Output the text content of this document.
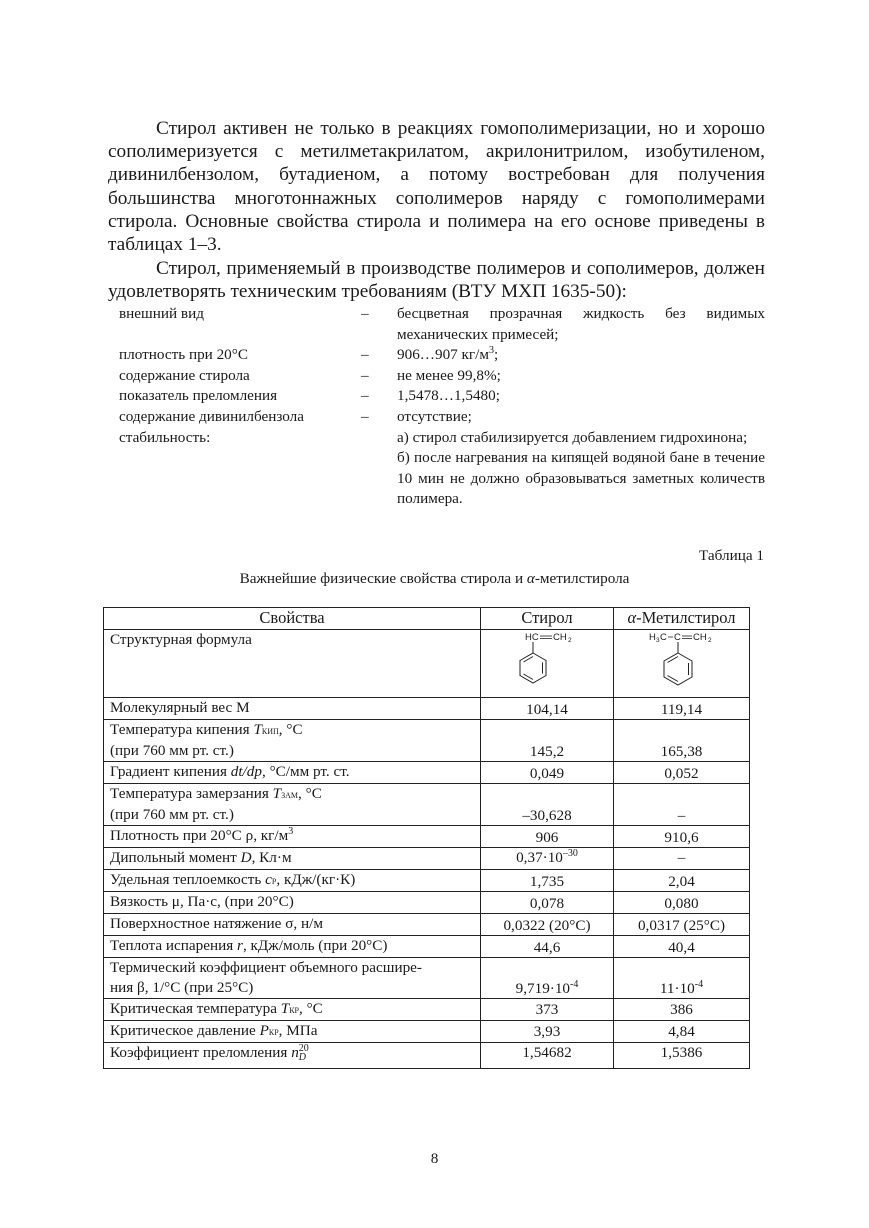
Стирол активен не только в реакциях гомополимеризации, но и хорошо сополимеризуется с метилметакрилатом, акрилонитрилом, изобутиленом, дивинилбензолом, бутадиеном, а потому востребован для получения большинства многотоннажных сополимеров наряду с гомополимерами стирола. Основные свойства стирола и полимера на его основе приведены в таблицах 1–3.

Стирол, применяемый в производстве полимеров и сополимеров, должен удовлетворять техническим требованиям (ВТУ МХП 1635-50):

внешний вид	–	бесцветная прозрачная жидкость без видимых механических примесей;
плотность при 20°С	–	906…907 $кг/м^3$;
содержание стирола	–	не менее 99,8%;
показатель преломления	–	1,5478…1,5480;
содержание дивинилбензола	–	отсутствие;
стабильность:	а) стирол стабилизируется добавлением гидрохинона;
б) после нагревания на кипящей водяной бане в течение 10 мин не должно образовываться заметных количеств полимера.
Таблица 1
Важнейшие физические свойства стирола и α-метилстирола
Свойства	Стирол	α-Метилстирол
Структурная формула	HC CH 2	H 3 C C CH 2

Молекулярный вес М	104,14	119,14
Температура кипения Tкип, °С
(при 760 мм рт. ст.)	145,2	165,38
Градиент кипения dt/dp, °С/мм рт. ст.	0,049	0,052
Температура замерзания Tзам, °С
(при 760 мм рт. ст.)	–30,628	–
Плотность при 20°С ρ, $кг/м^3$	906	910,6
Дипольный момент D, Кл·м	$0,37\cdot 10^{-30}$	–
Удельная теплоемкость cp, кДж/(кг·К)	1,735	2,04
Вязкость μ, Па·с, (при 20°С)	0,078	0,080
Поверхностное натяжение σ, н/м	0,0322 (20°С)	0,0317 (25°С)
Теплота испарения r, кДж/моль (при 20°С)	44,6	40,4
Термический коэффициент объемного расшире-
ния β, 1/°С (при 25°С)	$9,719\cdot 10^{-4}$	$11\cdot 10^{-4}$
Критическая температура Tкр, °С	373	386
Критическое давление Pкр, МПа	3,93	4,84
Коэффициент преломления n 20
D	1,54682	1,5386
8
